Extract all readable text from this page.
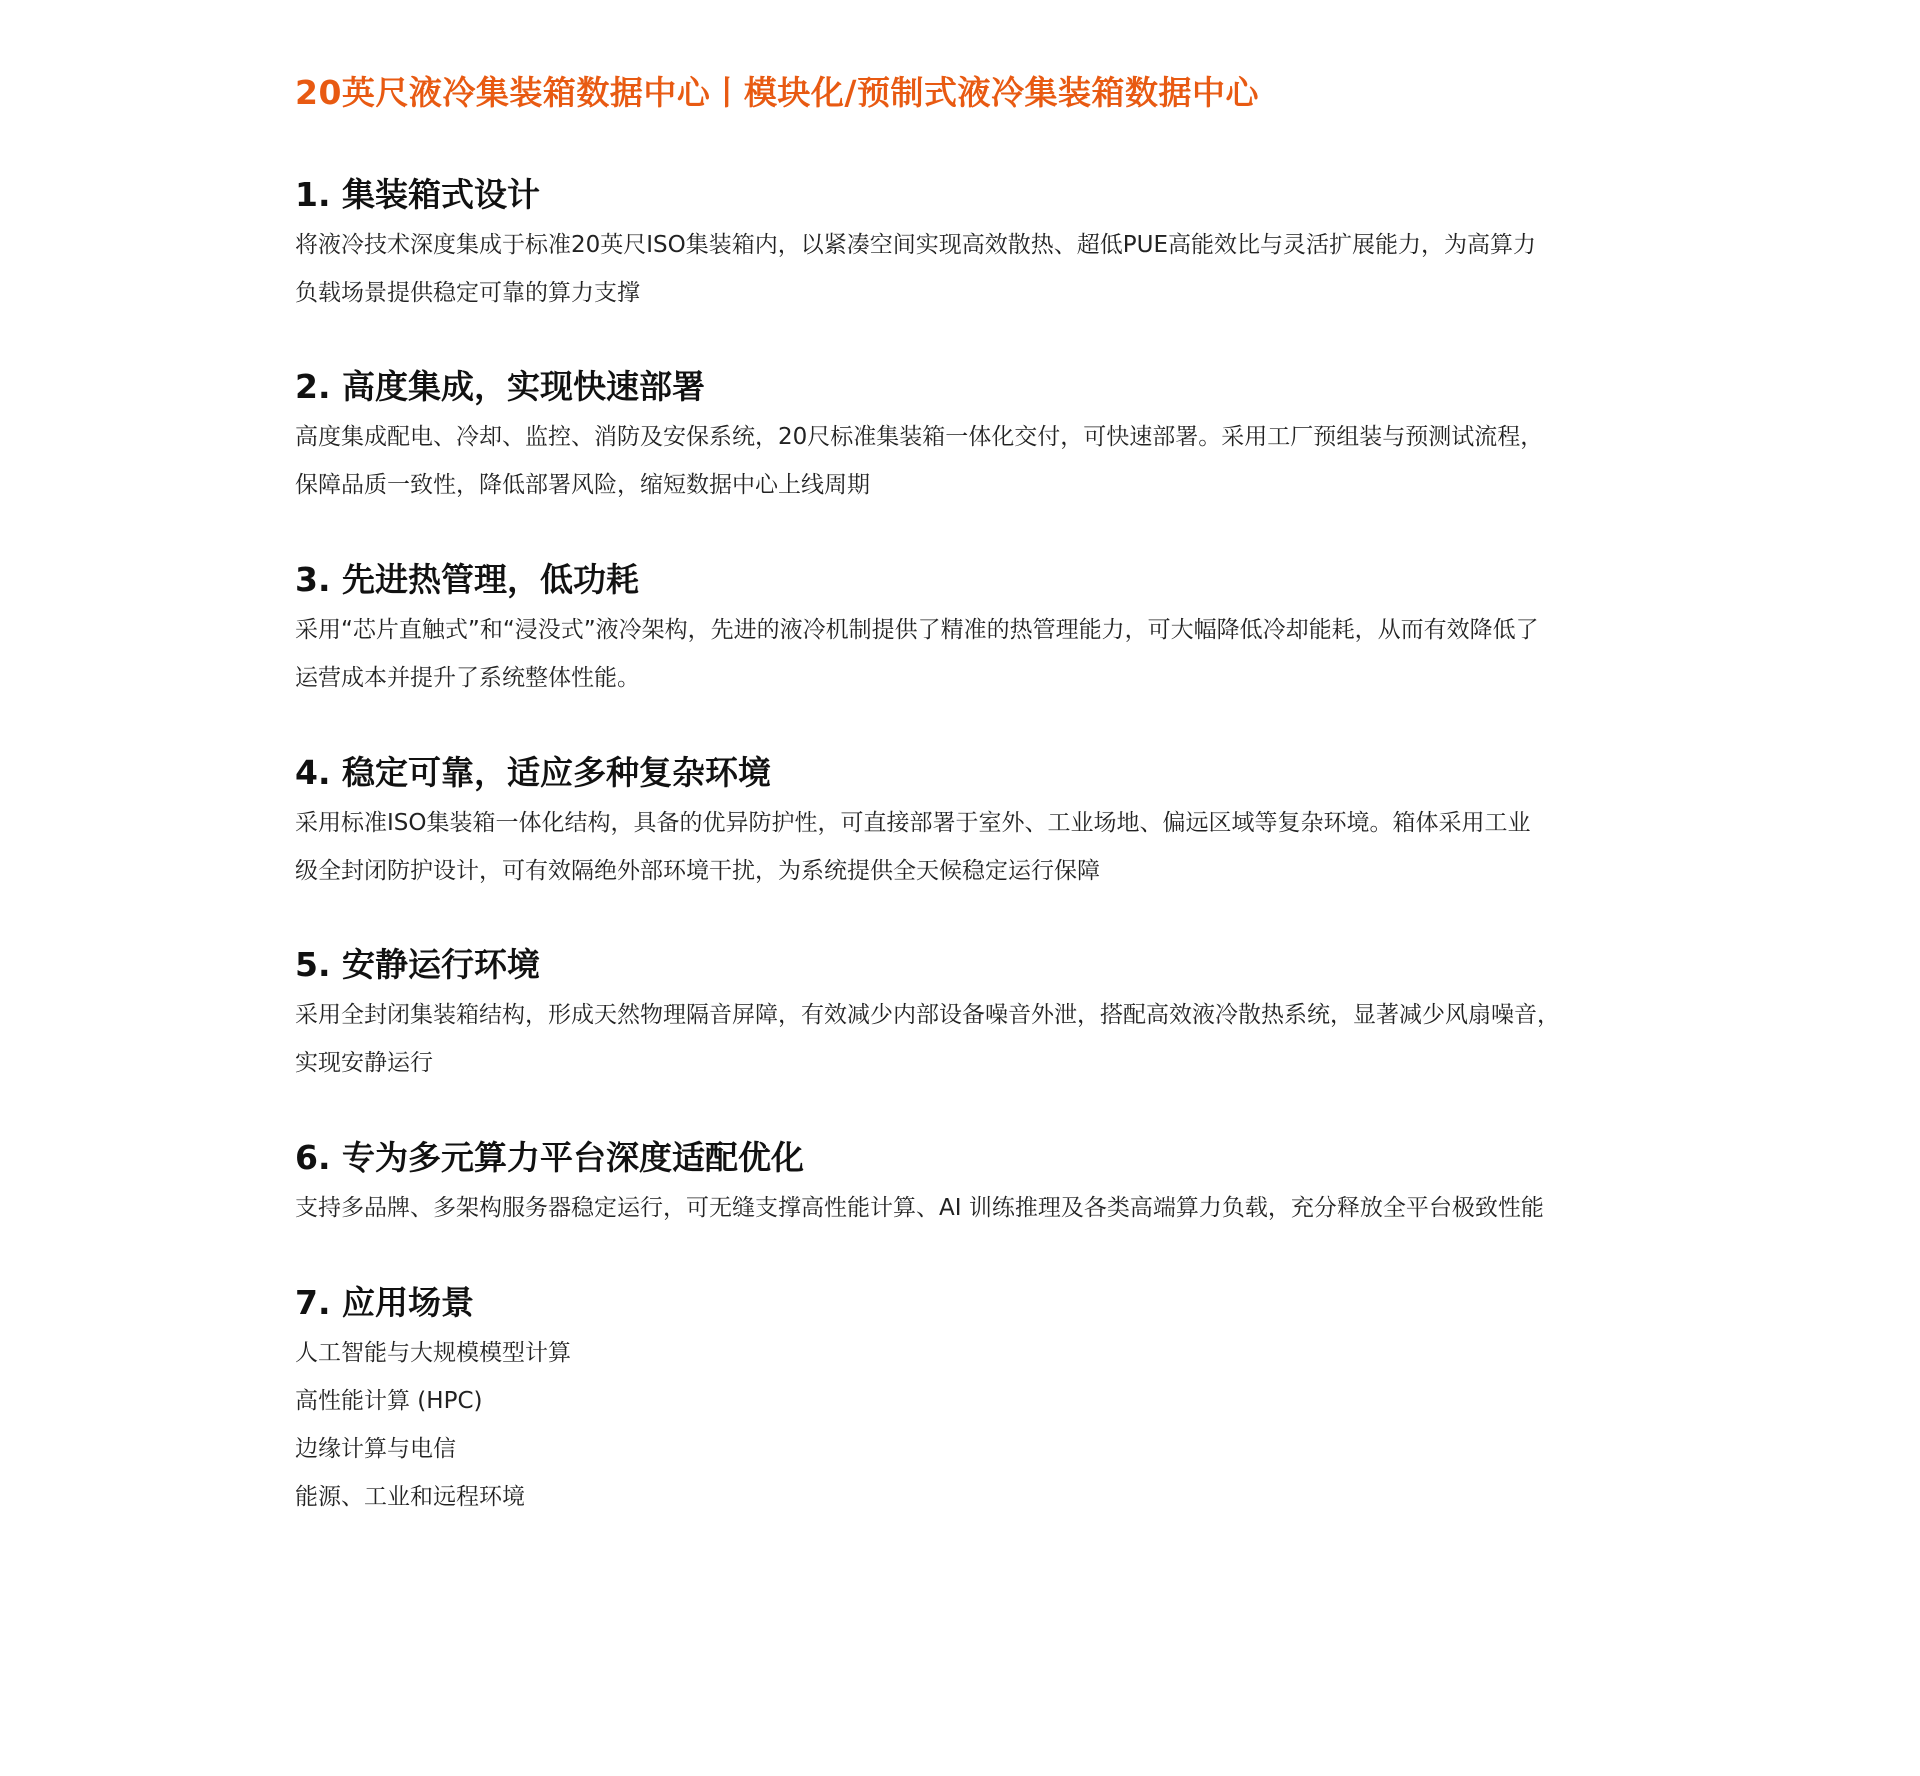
20英尺液冷集装箱数据中心丨模块化/预制式液冷集装箱数据中心
1. 集装箱式设计

将液冷技术深度集成于标准20英尺ISO集装箱内，以紧凑空间实现高效散热、超低PUE高能效比与灵活扩展能力，为高算力

负载场景提供稳定可靠的算力支撑

2. 高度集成，实现快速部署

高度集成配电、冷却、监控、消防及安保系统，20尺标准集装箱一体化交付，可快速部署。采用工厂预组装与预测试流程，

保障品质一致性，降低部署风险，缩短数据中心上线周期

3. 先进热管理，低功耗

采用“芯片直触式”和“浸没式”液冷架构，先进的液冷机制提供了精准的热管理能力，可大幅降低冷却能耗，从而有效降低了

运营成本并提升了系统整体性能。

4. 稳定可靠，适应多种复杂环境

采用标准ISO集装箱一体化结构，具备的优异防护性，可直接部署于室外、工业场地、偏远区域等复杂环境。箱体采用工业

级全封闭防护设计，可有效隔绝外部环境干扰，为系统提供全天候稳定运行保障

5. 安静运行环境

采用全封闭集装箱结构，形成天然物理隔音屏障，有效减少内部设备噪音外泄，搭配高效液冷散热系统，显著减少风扇噪音，

实现安静运行

6. 专为多元算力平台深度适配优化

支持多品牌、多架构服务器稳定运行，可无缝支撑高性能计算、AI 训练推理及各类高端算力负载，充分释放全平台极致性能

7. 应用场景
人工智能与大规模模型计算
高性能计算 (HPC)
边缘计算与电信
能源、工业和远程环境
